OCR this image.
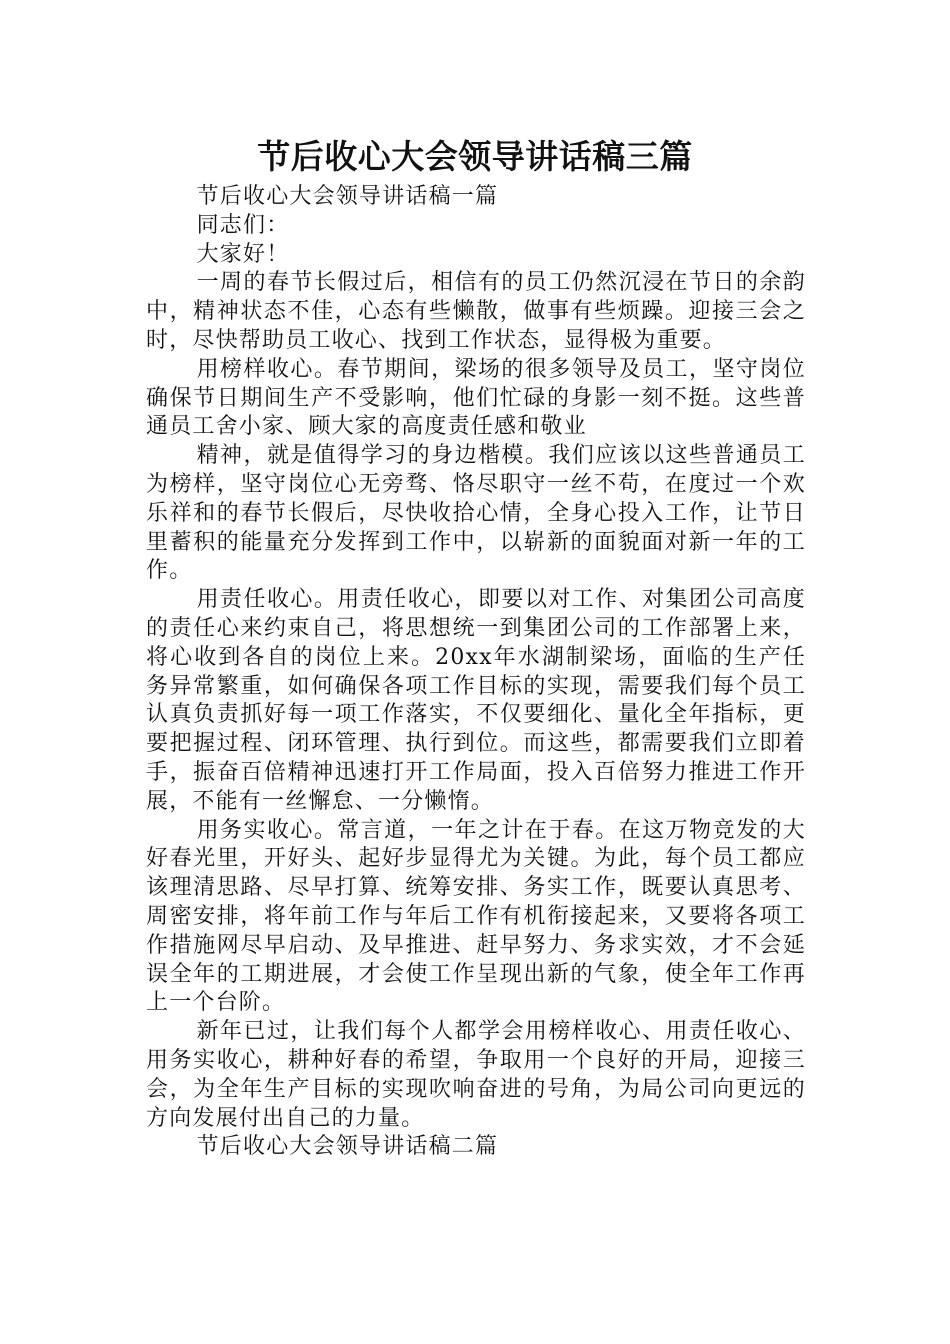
节后收心大会领导讲话稿三篇

节后收心大会领导讲话稿一篇

同志们：

大家好！

一周的春节长假过后，相信有的员工仍然沉浸在节日的余韵中，精神状态不佳，心态有些懒散，做事有些烦躁。迎接三会之时，尽快帮助员工收心、找到工作状态，显得极为重要。

用榜样收心。春节期间，梁场的很多领导及员工，坚守岗位确保节日期间生产不受影响，他们忙碌的身影一刻不挺。这些普通员工舍小家、顾大家的高度责任感和敬业

精神，就是值得学习的身边楷模。我们应该以这些普通员工为榜样，坚守岗位心无旁骛、恪尽职守一丝不苟，在度过一个欢乐祥和的春节长假后，尽快收拾心情，全身心投入工作，让节日里蓄积的能量充分发挥到工作中，以崭新的面貌面对新一年的工作。

用责任收心。用责任收心，即要以对工作、对集团公司高度的责任心来约束自己，将思想统一到集团公司的工作部署上来，将心收到各自的岗位上来。20xx年水湖制梁场，面临的生产任务异常繁重，如何确保各项工作目标的实现，需要我们每个员工认真负责抓好每一项工作落实，不仅要细化、量化全年指标，更要把握过程、闭环管理、执行到位。而这些，都需要我们立即着手，振奋百倍精神迅速打开工作局面，投入百倍努力推进工作开展，不能有一丝懈怠、一分懒惰。

用务实收心。常言道，一年之计在于春。在这万物竞发的大好春光里，开好头、起好步显得尤为关键。为此，每个员工都应该理清思路、尽早打算、统筹安排、务实工作，既要认真思考、周密安排，将年前工作与年后工作有机衔接起来，又要将各项工作措施网尽早启动、及早推进、赶早努力、务求实效，才不会延误全年的工期进展，才会使工作呈现出新的气象，使全年工作再上一个台阶。

新年已过，让我们每个人都学会用榜样收心、用责任收心、用务实收心，耕种好春的希望，争取用一个良好的开局，迎接三会，为全年生产目标的实现吹响奋进的号角，为局公司向更远的方向发展付出自己的力量。

节后收心大会领导讲话稿二篇
